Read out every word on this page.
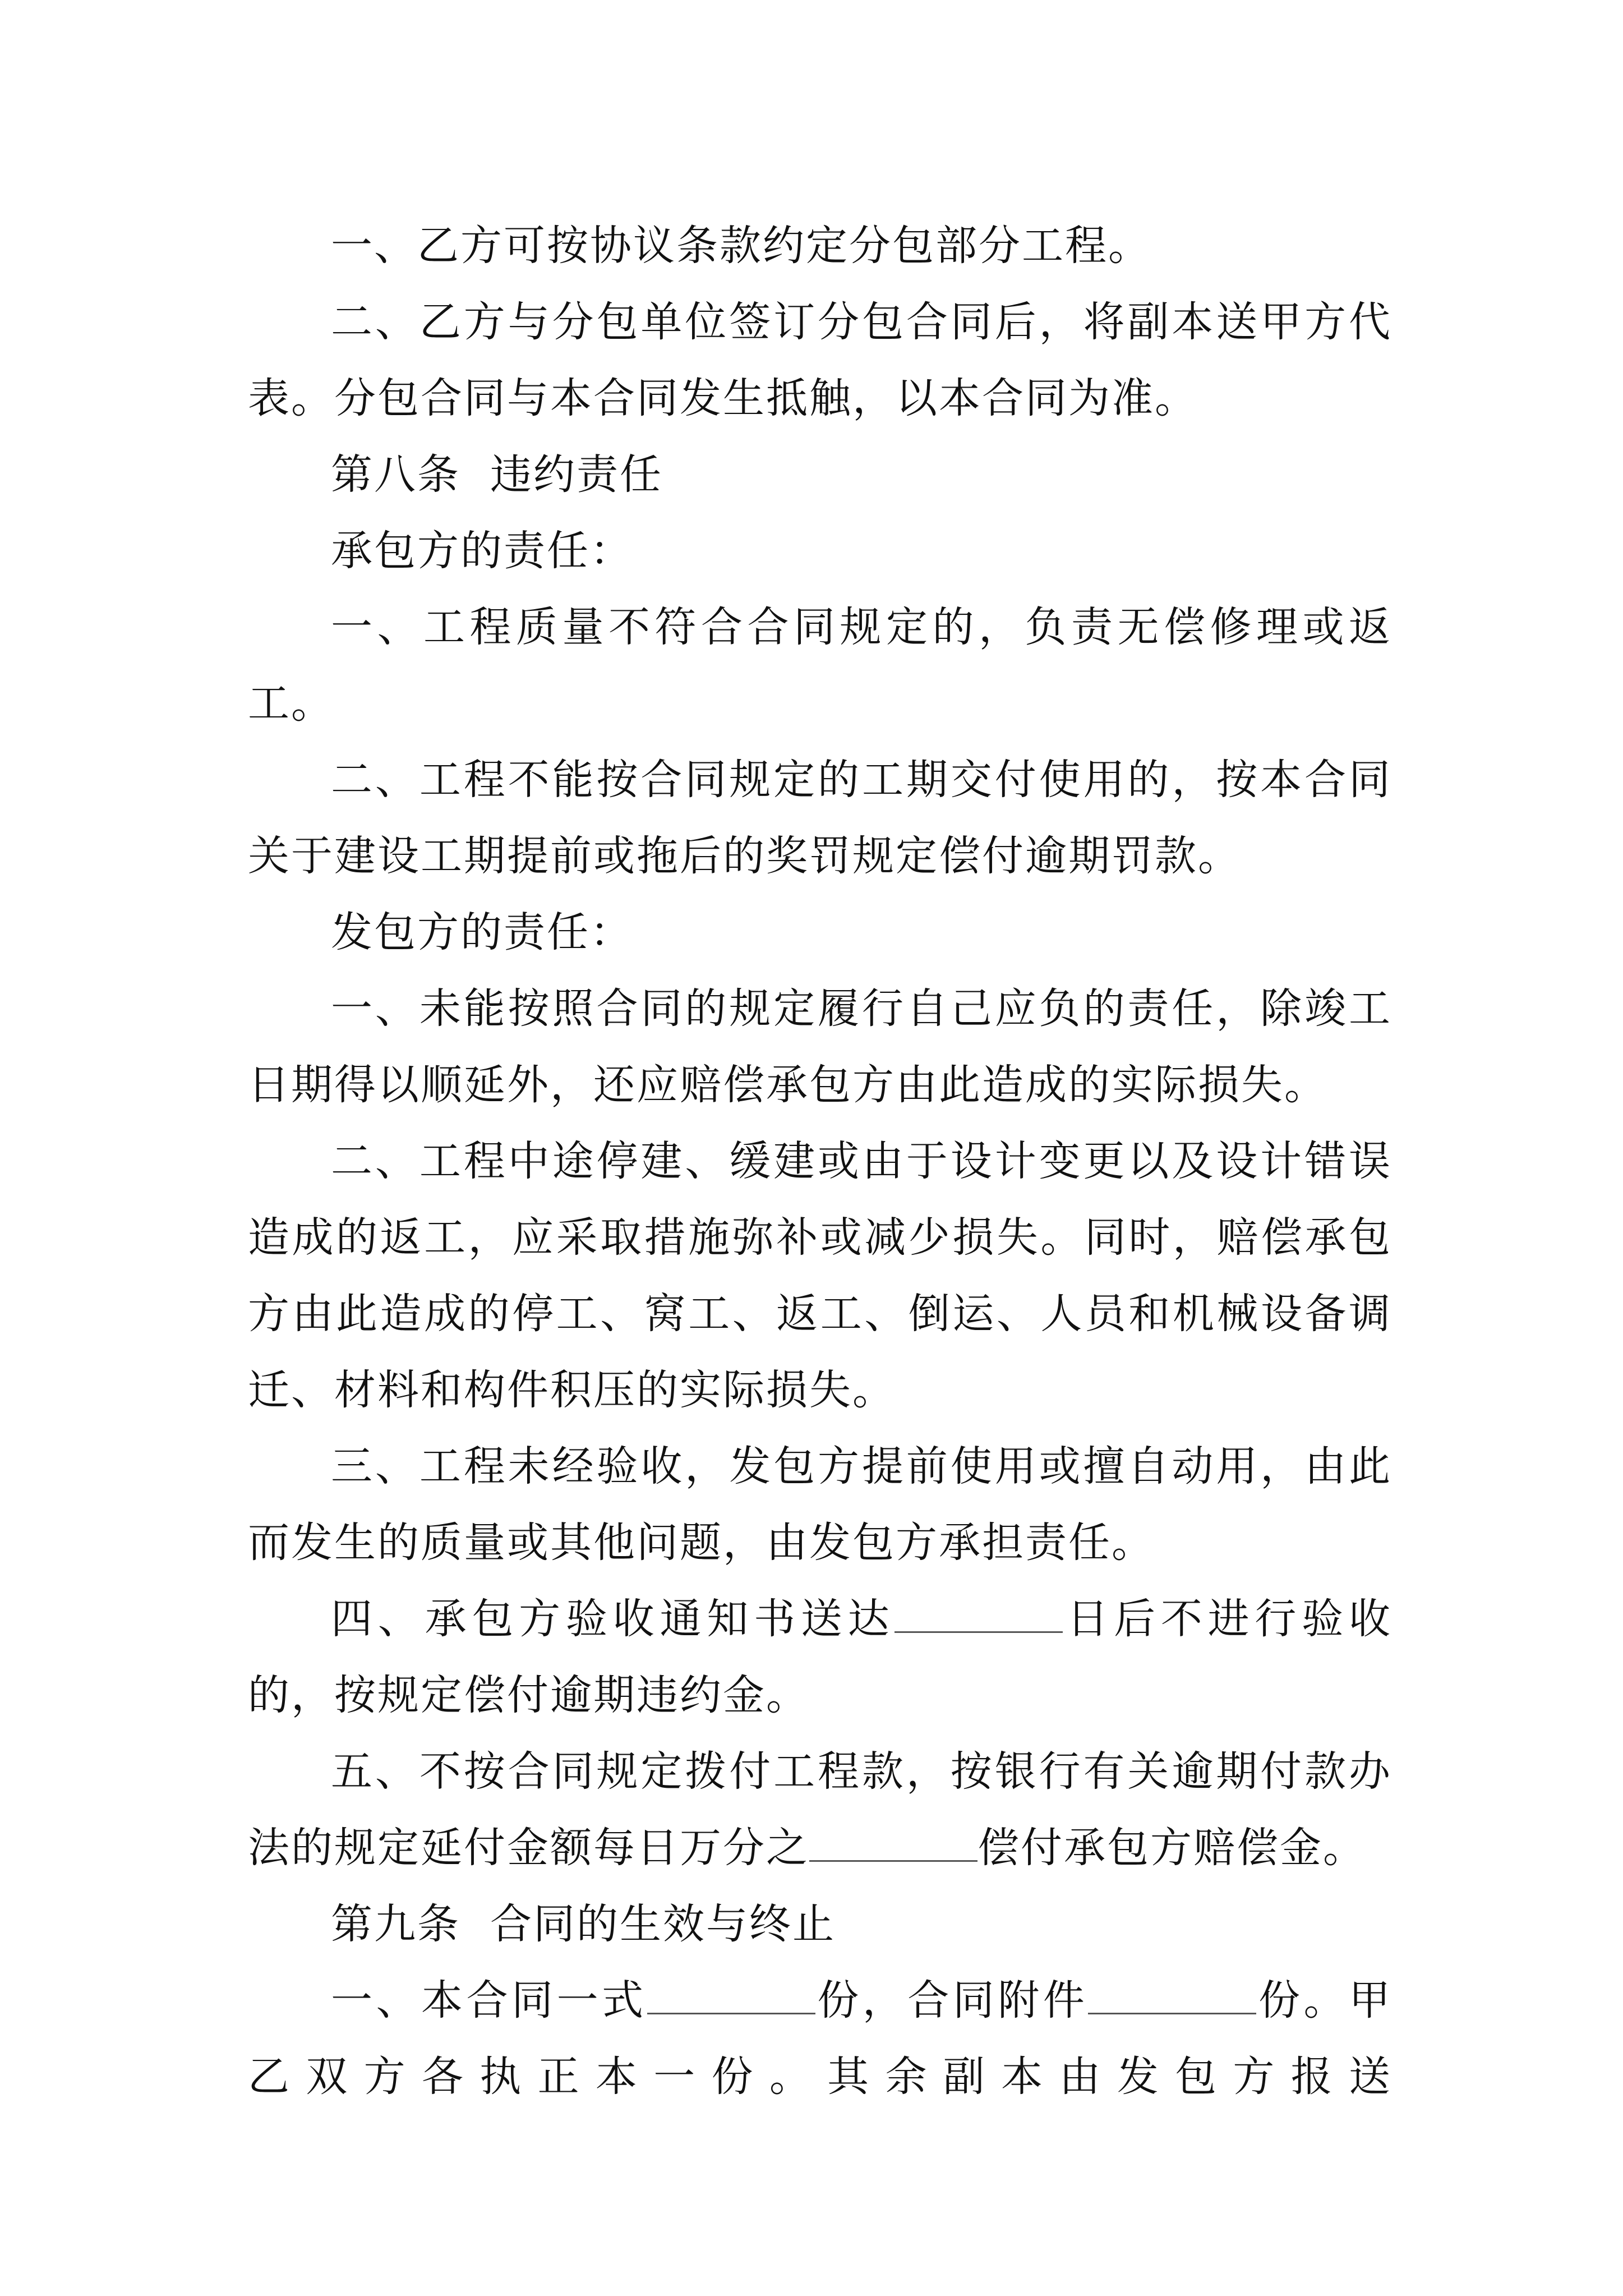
一、乙方可按协议条款约定分包部分工程。

二、乙方与分包单位签订分包合同后，将副本送甲方代表。分包合同与本合同发生抵触，以本合同为准。

第八条  违约责任

承包方的责任：

一、工程质量不符合合同规定的，负责无偿修理或返工。

二、工程不能按合同规定的工期交付使用的，按本合同关于建设工期提前或拖后的奖罚规定偿付逾期罚款。

发包方的责任：

一、未能按照合同的规定履行自己应负的责任，除竣工日期得以顺延外，还应赔偿承包方由此造成的实际损失。

二、工程中途停建、缓建或由于设计变更以及设计错误造成的返工，应采取措施弥补或减少损失。同时，赔偿承包方由此造成的停工、窝工、返工、倒运、人员和机械设备调迁、材料和构件积压的实际损失。

三、工程未经验收，发包方提前使用或擅自动用，由此而发生的质量或其他问题，由发包方承担责任。

四、承包方验收通知书送达	日后不进行验收的，按规定偿付逾期违约金。

五、不按合同规定拨付工程款，按银行有关逾期付款办法的规定延付金额每日万分之	偿付承包方赔偿金。

第九条  合同的生效与终止

一、本合同一式	份，合同附件	份。甲乙双方各执正本一份。其余副本由发包方报送
